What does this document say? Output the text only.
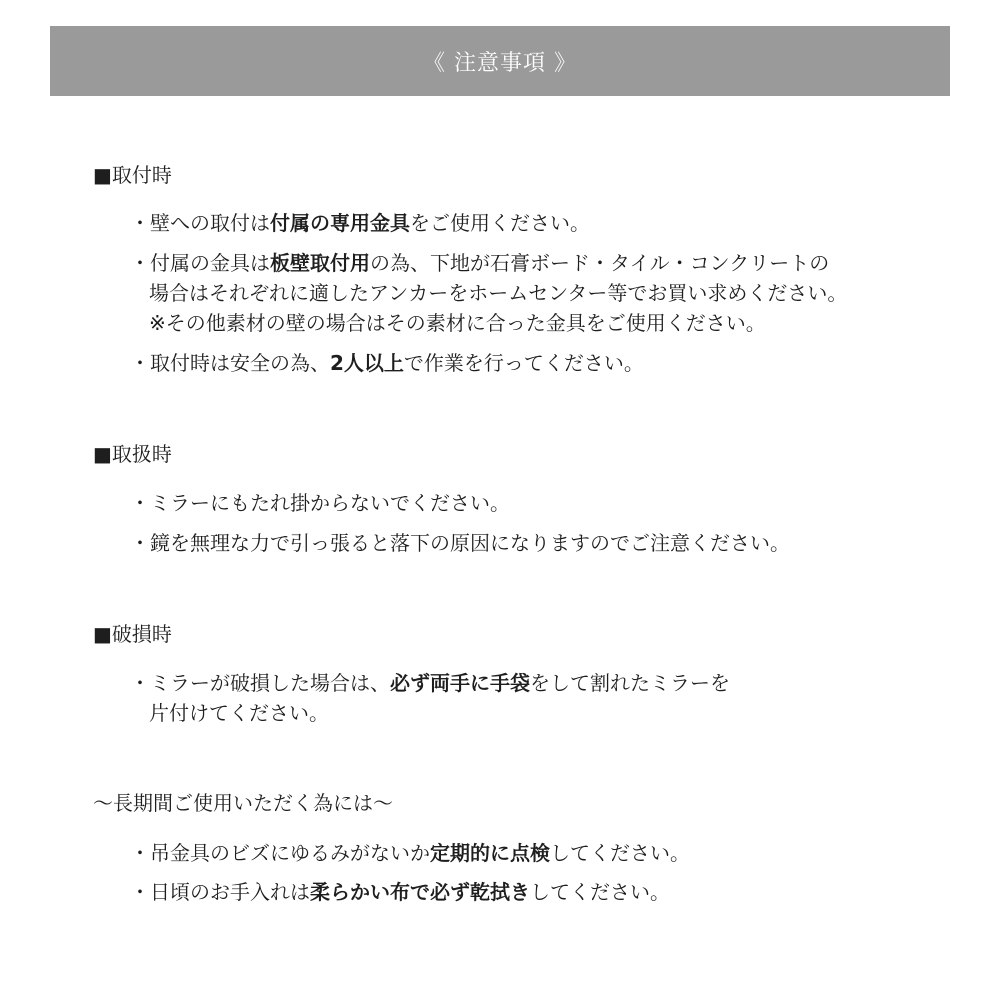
《 注意事項 》
■取付時
・壁への取付は付属の専用金具をご使用ください。
・付属の金具は板壁取付用の為、下地が石膏ボード・タイル・コンクリートの
場合はそれぞれに適したアンカーをホームセンター等でお買い求めください。
※その他素材の壁の場合はその素材に合った金具をご使用ください。
・取付時は安全の為、2人以上で作業を行ってください。
■取扱時
・ミラーにもたれ掛からないでください。
・鏡を無理な力で引っ張ると落下の原因になりますのでご注意ください。
■破損時
・ミラーが破損した場合は、必ず両手に手袋をして割れたミラーを
片付けてください。
〜長期間ご使用いただく為には〜
・吊金具のビズにゆるみがないか定期的に点検してください。
・日頃のお手入れは柔らかい布で必ず乾拭きしてください。
